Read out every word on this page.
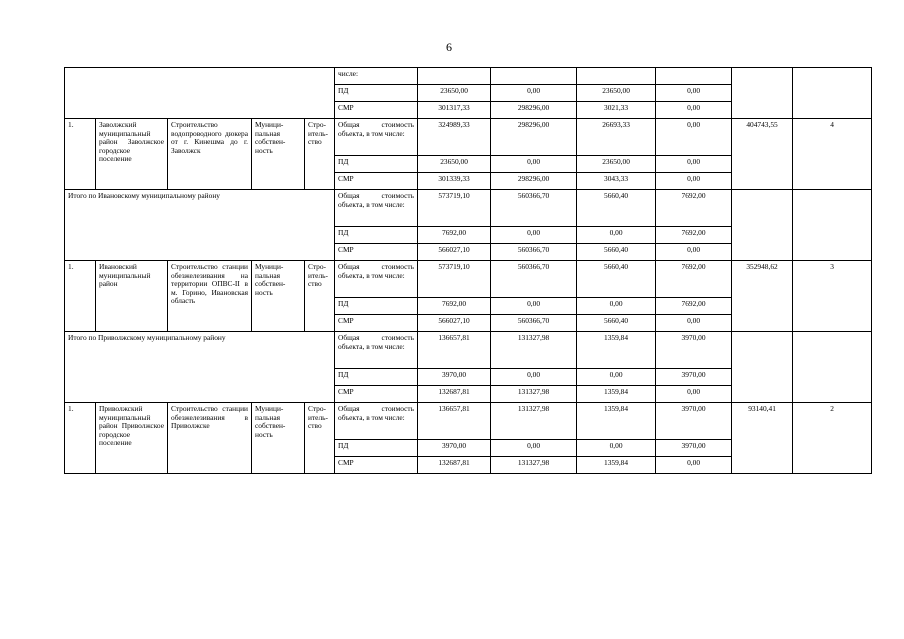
6
					числе:						
					ПД	23650,00	0,00	23650,00	0,00		
					СМР	301317,33	298296,00	3021,33	0,00		
1.	Заволжский муниципальный район Заволжское городское поселение	Строительство водопроводного дюкера от г. Кинешма до г. Заволжск	Муници-пальная собствен-ность	Стро-итель-ство	Общая стоимость объекта, в том числе:	324989,33	298296,00	26693,33	0,00	404743,55	4
					ПД	23650,00	0,00	23650,00	0,00		
					СМР	301339,33	298296,00	3043,33	0,00		
Итого по Ивановскому муниципальному району					Общая стоимость объекта, в том числе:	573719,10	560366,70	5660,40	7692,00		
					ПД	7692,00	0,00	0,00	7692,00		
					СМР	566027,10	560366,70	5660,40	0,00		
1.	Ивановский муниципальный район	Строительство станции обезжелезивания на территории ОПВС-II в м. Горино, Ивановская область	Муници-пальная собствен-ность	Стро-итель-ство	Общая стоимость объекта, в том числе:	573719,10	560366,70	5660,40	7692,00	352948,62	3
					ПД	7692,00	0,00	0,00	7692,00		
					СМР	566027,10	560366,70	5660,40	0,00		
Итого по Приволжскому муниципальному району					Общая стоимость объекта, в том числе:	136657,81	131327,98	1359,84	3970,00		
					ПД	3970,00	0,00	0,00	3970,00		
					СМР	132687,81	131327,98	1359,84	0,00		
1.	Приволжский муниципальный район Приволжское городское поселение	Строительство станции обезжелезивания в Приволжске	Муници-пальная собствен-ность	Стро-итель-ство	Общая стоимость объекта, в том числе:	136657,81	131327,98	1359,84	3970,00	93140,41	2
					ПД	3970,00	0,00	0,00	3970,00		
					СМР	132687,81	131327,98	1359,84	0,00		
